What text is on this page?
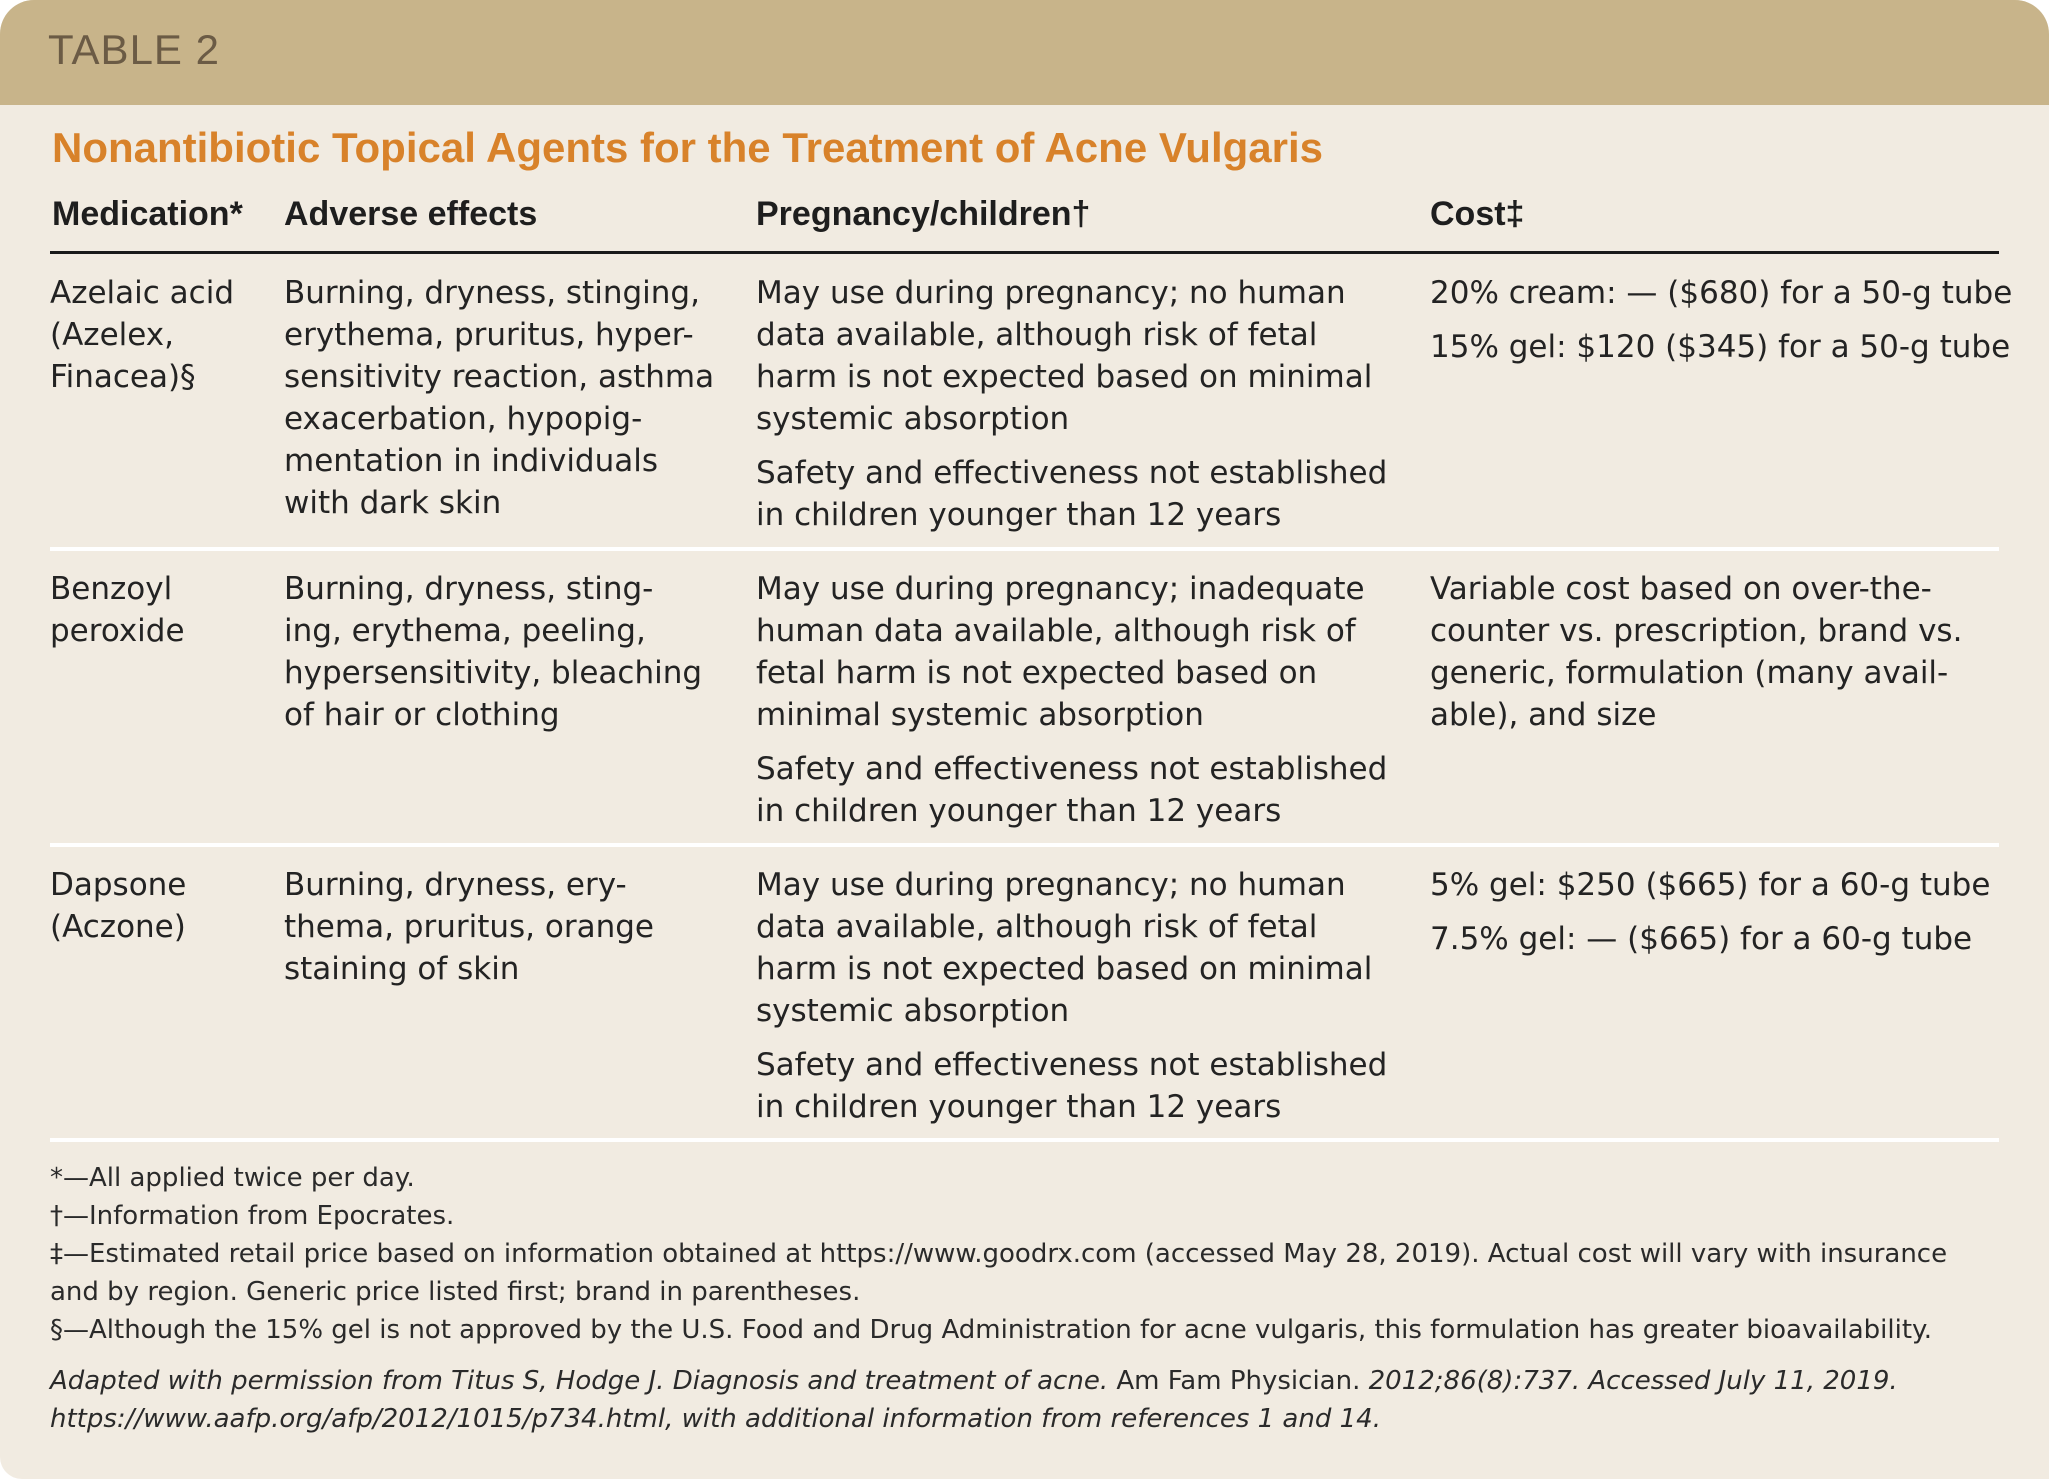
TABLE 2
Nonantibiotic Topical Agents for the Treatment of Acne Vulgaris
Medication* Adverse effects	Pregnancy/children†	Cost‡
Azelaic acid
(Azelex,
Finacea)§
Burning, dryness, stinging,
erythema, pruritus, hyper-
sensitivity reaction, asthma
exacerbation, hypopig-
mentation in individuals
with dark skin
May use during pregnancy; no human
data available, although risk of fetal
harm is not expected based on minimal
systemic absorption
Safety and effectiveness not established
in children younger than 12 years
20% cream: — ($680) for a 50-g tube
15% gel: $120 ($345) for a 50-g tube
Benzoyl
peroxide
Burning, dryness, sting-
ing, erythema, peeling,
hypersensitivity, bleaching
of hair or clothing
May use during pregnancy; inadequate
human data available, although risk of
fetal harm is not expected based on
minimal systemic absorption
Safety and effectiveness not established
in children younger than 12 years
Variable cost based on over-the-
counter vs. prescription, brand vs.
generic, formulation (many avail-
able), and size
Dapsone
(Aczone)
Burning, dryness, ery-
thema, pruritus, orange
staining of skin
May use during pregnancy; no human
data available, although risk of fetal
harm is not expected based on minimal
systemic absorption
Safety and effectiveness not established
in children younger than 12 years
5% gel: $250 ($665) for a 60-g tube
7.5% gel: — ($665) for a 60-g tube
*—All applied twice per day.
†—Information from Epocrates.
‡—Estimated retail price based on information obtained at https://www.goodrx.com (accessed May 28, 2019). Actual cost will vary with insurance
and by region. Generic price listed first; brand in parentheses.
§—Although the 15% gel is not approved by the U.S. Food and Drug Administration for acne vulgaris, this formulation has greater bioavailability.
Adapted with permission from Titus S, Hodge J. Diagnosis and treatment of acne. Am Fam Physician. 2012;86(8):737. Accessed July 11, 2019.
https://www.aafp.org/afp/2012/1015/p734.html, with additional information from references 1 and 14.
